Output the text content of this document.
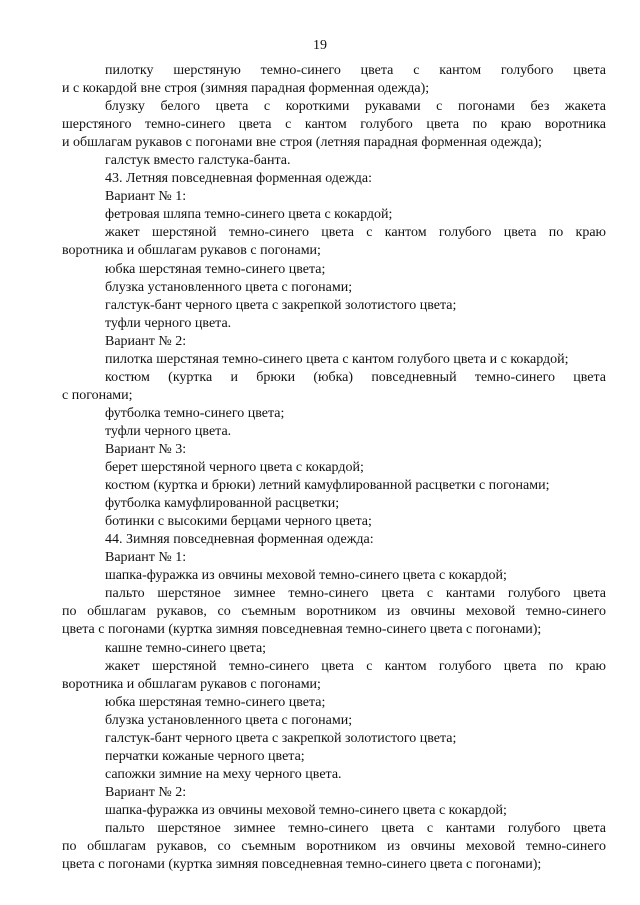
19
пилотку шерстяную темно-синего цвета с кантом голубого цвета
и с кокардой вне строя (зимняя парадная форменная одежда);
блузку белого цвета с короткими рукавами с погонами без жакета
шерстяного темно-синего цвета с кантом голубого цвета по краю воротника
и обшлагам рукавов с погонами вне строя (летняя парадная форменная одежда);
галстук вместо галстука-банта.
43. Летняя повседневная форменная одежда:
Вариант № 1:
фетровая шляпа темно-синего цвета с кокардой;
жакет шерстяной темно-синего цвета с кантом голубого цвета по краю
воротника и обшлагам рукавов с погонами;
юбка шерстяная темно-синего цвета;
блузка установленного цвета с погонами;
галстук-бант черного цвета с закрепкой золотистого цвета;
туфли черного цвета.
Вариант № 2:
пилотка шерстяная темно-синего цвета с кантом голубого цвета и с кокардой;
костюм (куртка и брюки (юбка) повседневный темно-синего цвета
с погонами;
футболка темно-синего цвета;
туфли черного цвета.
Вариант № 3:
берет шерстяной черного цвета с кокардой;
костюм (куртка и брюки) летний камуфлированной расцветки с погонами;
футболка камуфлированной расцветки;
ботинки с высокими берцами черного цвета;
44. Зимняя повседневная форменная одежда:
Вариант № 1:
шапка-фуражка из овчины меховой темно-синего цвета с кокардой;
пальто шерстяное зимнее темно-синего цвета с кантами голубого цвета
по обшлагам рукавов, со съемным воротником из овчины меховой темно-синего
цвета с погонами (куртка зимняя повседневная темно-синего цвета с погонами);
кашне темно-синего цвета;
жакет шерстяной темно-синего цвета с кантом голубого цвета по краю
воротника и обшлагам рукавов с погонами;
юбка шерстяная темно-синего цвета;
блузка установленного цвета с погонами;
галстук-бант черного цвета с закрепкой золотистого цвета;
перчатки кожаные черного цвета;
сапожки зимние на меху черного цвета.
Вариант № 2:
шапка-фуражка из овчины меховой темно-синего цвета с кокардой;
пальто шерстяное зимнее темно-синего цвета с кантами голубого цвета
по обшлагам рукавов, со съемным воротником из овчины меховой темно-синего
цвета с погонами (куртка зимняя повседневная темно-синего цвета с погонами);
